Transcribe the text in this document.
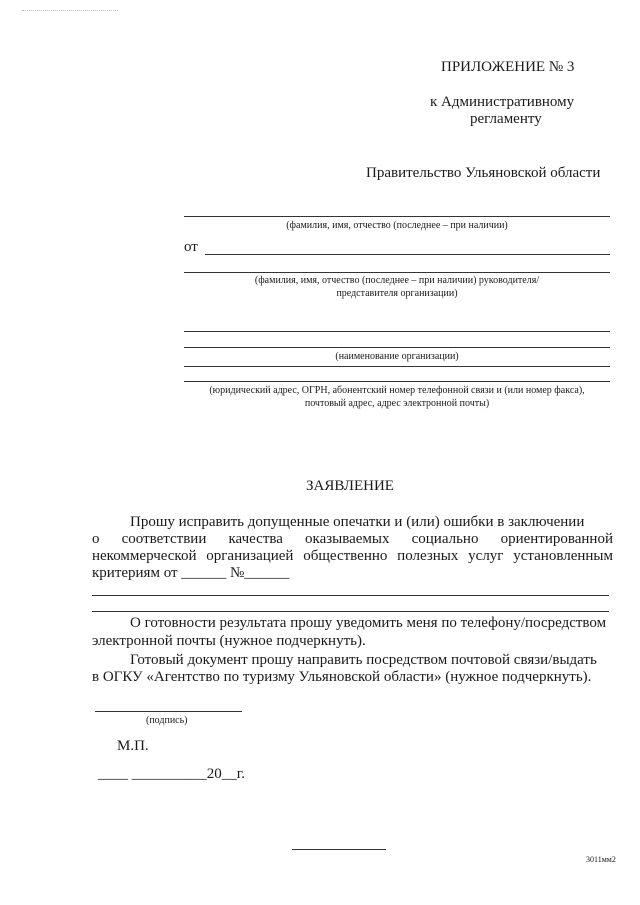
ПРИЛОЖЕНИЕ № 3
к Административному
регламенту
Правительство Ульяновской области
(фамилия, имя, отчество (последнее – при наличии)
от
(фамилия, имя, отчество (последнее – при наличии) руководителя/
представителя организации)
(наименование организации)
(юридический адрес, ОГРН, абонентский номер телефонной связи и (или номер факса),
почтовый адрес, адрес электронной почты)
ЗАЯВЛЕНИЕ
Прошу исправить допущенные опечатки и (или) ошибки в заключении
о соответствии качества оказываемых социально ориентированной
некоммерческой организацией общественно полезных услуг установленным
критериям от ______ №______
О готовности результата прошу уведомить меня по телефону/посредством
электронной почты (нужное подчеркнуть).
Готовый документ прошу направить посредством почтовой связи/выдать
в ОГКУ «Агентство по туризму Ульяновской области» (нужное подчеркнуть).
(подпись)
М.П.
____ __________20__г.
3011мм2
